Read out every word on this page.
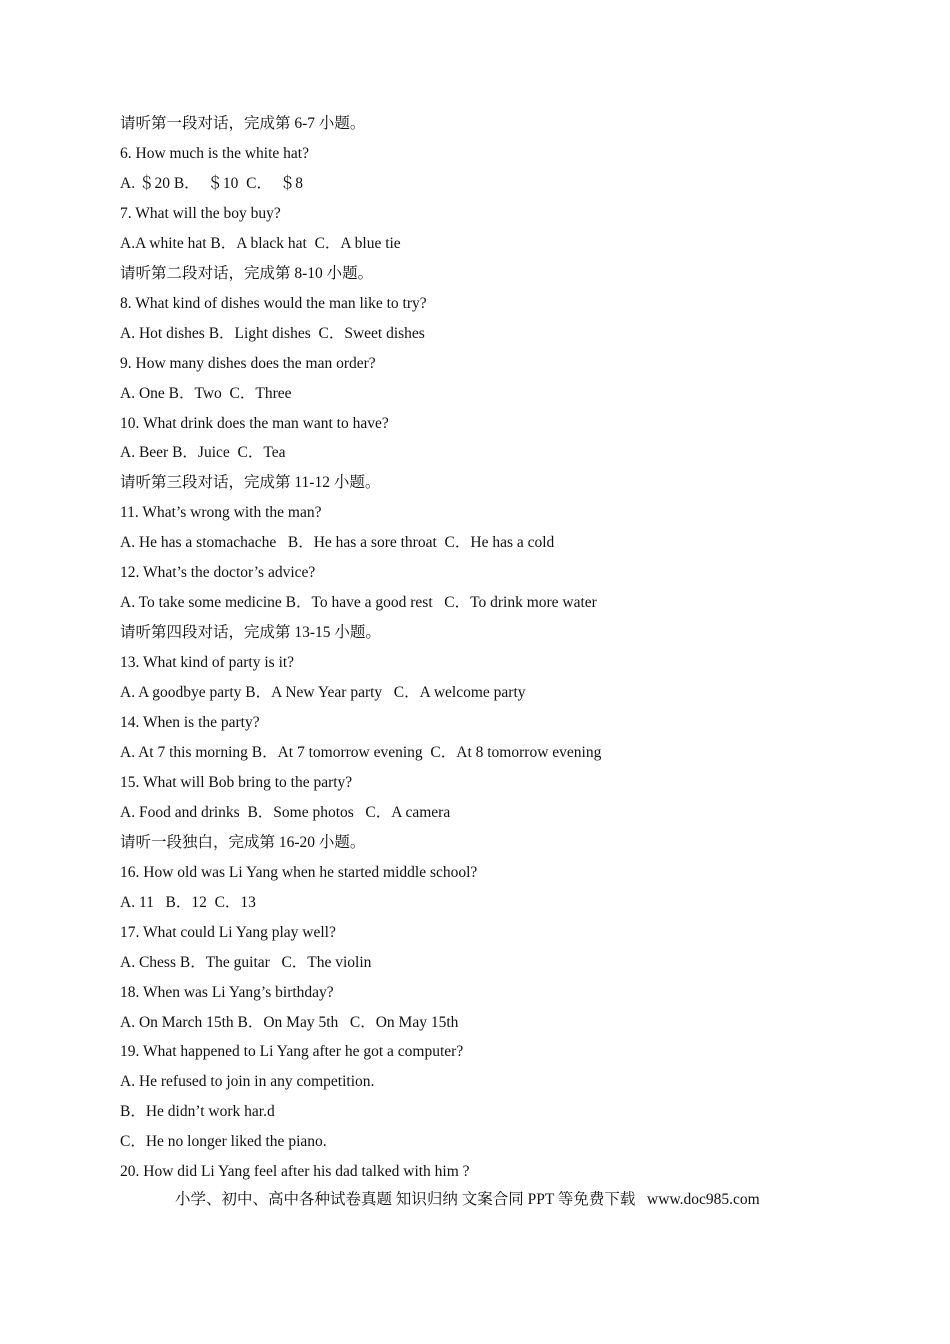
请听第一段对话，完成第 6-7 小题。
6. How much is the white hat?
A. ＄20 B．  ＄10  C．  ＄8
7. What will the boy buy?
A.A white hat B．A black hat  C．A blue tie
请听第二段对话，完成第 8-10 小题。
8. What kind of dishes would the man like to try?
A. Hot dishes B．Light dishes  C．Sweet dishes
9. How many dishes does the man order?
A. One B．Two  C．Three
10. What drink does the man want to have?
A. Beer B．Juice  C．Tea
请听第三段对话，完成第 11-12 小题。
11. What’s wrong with the man?
A. He has a stomachache   B．He has a sore throat  C．He has a cold
12. What’s the doctor’s advice?
A. To take some medicine B．To have a good rest   C．To drink more water
请听第四段对话，完成第 13-15 小题。
13. What kind of party is it?
A. A goodbye party B．A New Year party   C．A welcome party
14. When is the party?
A. At 7 this morning B．At 7 tomorrow evening  C．At 8 tomorrow evening
15. What will Bob bring to the party?
A. Food and drinks  B．Some photos   C．A camera
请听一段独白，完成第 16-20 小题。
16. How old was Li Yang when he started middle school?
A. 11   B．12  C．13
17. What could Li Yang play well?
A. Chess B．The guitar   C．The violin
18. When was Li Yang’s birthday?
A. On March 15th B．On May 5th   C．On May 15th
19. What happened to Li Yang after he got a computer?
A. He refused to join in any competition.
B．He didn’t work har.d
C．He no longer liked the piano.
20. How did Li Yang feel after his dad talked with him ?
小学、初中、高中各种试卷真题 知识归纳 文案合同 PPT 等免费下载   www.doc985.com
